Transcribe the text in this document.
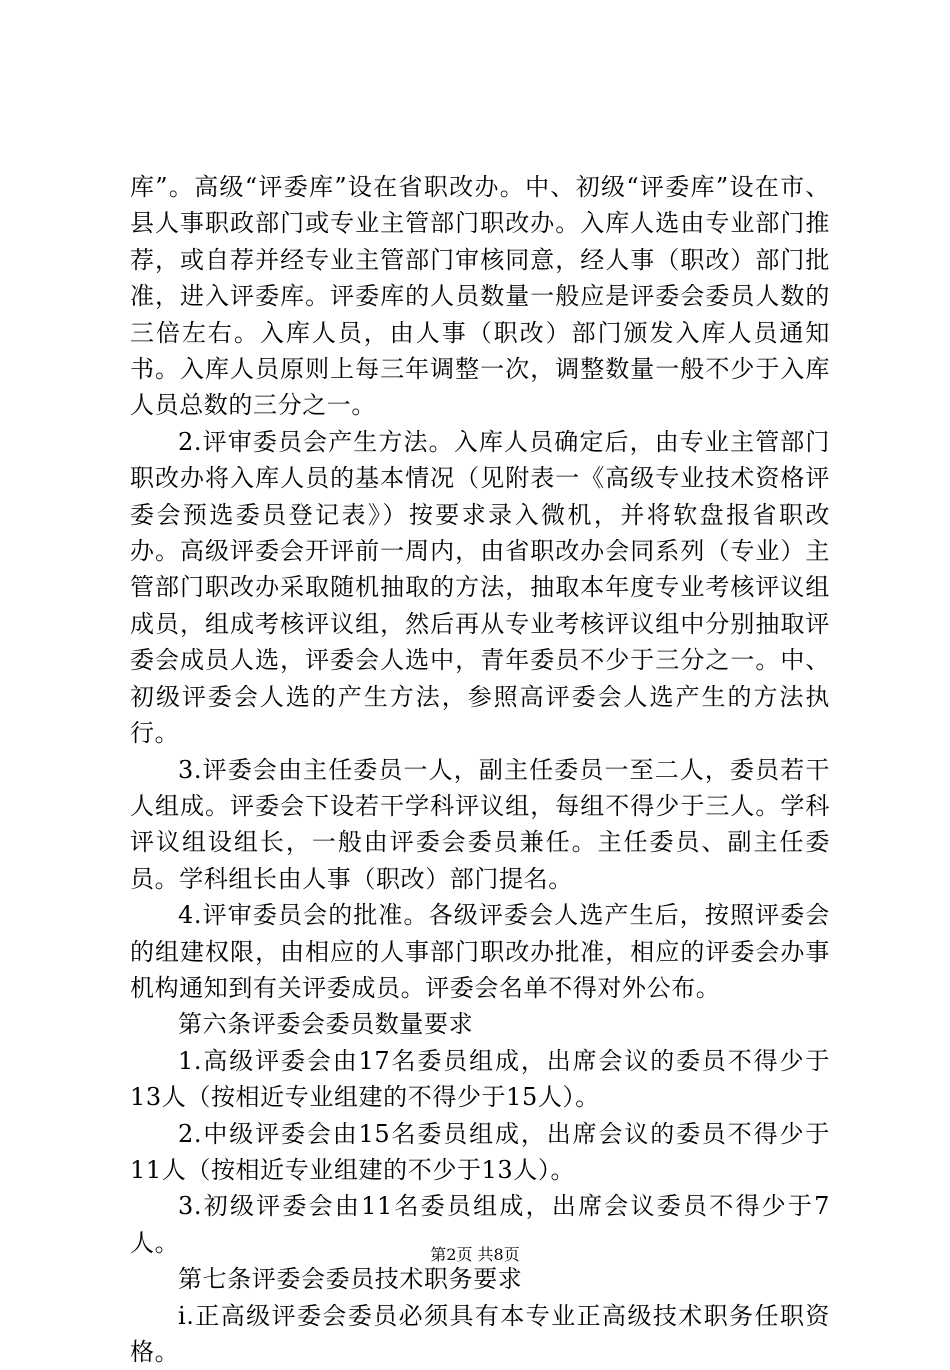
库”。高级“评委库”设在省职改办。中、初级“评委库”设在市、县人事职政部门或专业主管部门职改办。入库人选由专业部门推荐，或自荐并经专业主管部门审核同意，经人事（职改）部门批准，进入评委库。评委库的人员数量一般应是评委会委员人数的三倍左右。入库人员，由人事（职改）部门颁发入库人员通知书。入库人员原则上每三年调整一次，调整数量一般不少于入库人员总数的三分之一。

2.评审委员会产生方法。入库人员确定后，由专业主管部门职改办将入库人员的基本情况（见附表一《高级专业技术资格评委会预选委员登记表》）按要求录入微机，并将软盘报省职改办。高级评委会开评前一周内，由省职改办会同系列（专业）主管部门职改办采取随机抽取的方法，抽取本年度专业考核评议组成员，组成考核评议组，然后再从专业考核评议组中分别抽取评委会成员人选，评委会人选中，青年委员不少于三分之一。中、初级评委会人选的产生方法，参照高评委会人选产生的方法执行。

3.评委会由主任委员一人，副主任委员一至二人，委员若干人组成。评委会下设若干学科评议组，每组不得少于三人。学科评议组设组长，一般由评委会委员兼任。主任委员、副主任委员。学科组长由人事（职改）部门提名。

4.评审委员会的批准。各级评委会人选产生后，按照评委会的组建权限，由相应的人事部门职改办批准，相应的评委会办事机构通知到有关评委成员。评委会名单不得对外公布。

第六条评委会委员数量要求

1.高级评委会由17名委员组成，出席会议的委员不得少于13人（按相近专业组建的不得少于15人）。

2.中级评委会由15名委员组成，出席会议的委员不得少于11人（按相近专业组建的不少于13人）。

3.初级评委会由11名委员组成，出席会议委员不得少于7人。

第七条评委会委员技术职务要求

i.正高级评委会委员必须具有本专业正高级技术职务任职资格。

第2页 共8页
